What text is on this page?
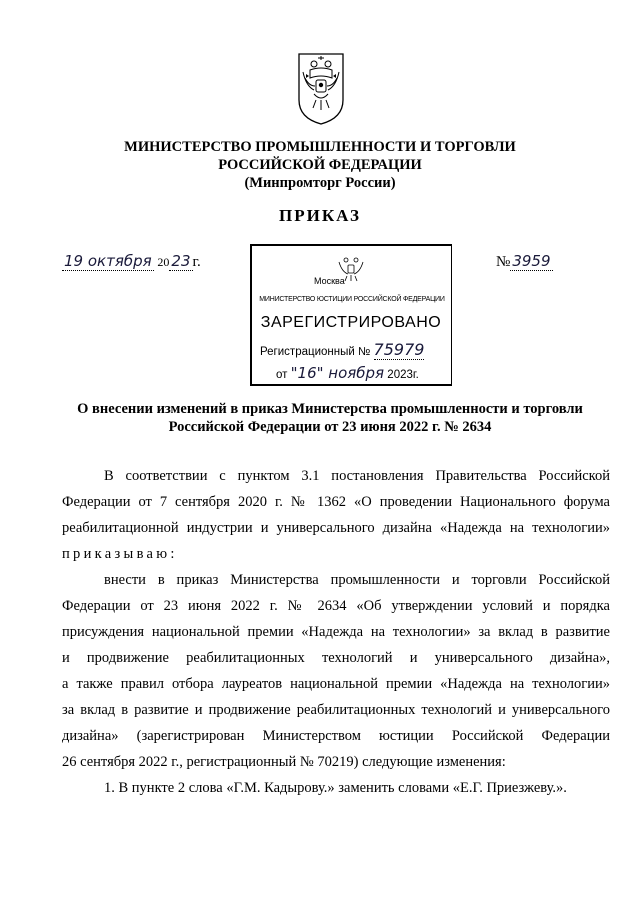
МИНИСТЕРСТВО ПРОМЫШЛЕННОСТИ И ТОРГОВЛИ
РОССИЙСКОЙ ФЕДЕРАЦИИ
(Минпромторг России)
ПРИКАЗ
19 октября 20 23 г.	№ 3959
Москва
МИНИСТЕРСТВО ЮСТИЦИИ РОССИЙСКОЙ ФЕДЕРАЦИИ
ЗАРЕГИСТРИРОВАНО
Регистрационный № 75979
от "16" ноября 2023г.
О внесении изменений в приказ Министерства промышленности и торговли
Российской Федерации от 23 июня 2022 г. № 2634
В соответствии с пунктом 3.1 постановления Правительства Российской
Федерации от 7 сентября 2020 г. № 1362 «О проведении Национального форума
реабилитационной индустрии и универсального дизайна «Надежда на технологии»
приказываю:
внести в приказ Министерства промышленности и торговли Российской
Федерации от 23 июня 2022 г. № 2634 «Об утверждении условий и порядка
присуждения национальной премии «Надежда на технологии» за вклад в развитие
и продвижение реабилитационных технологий и универсального дизайна»,
а также правил отбора лауреатов национальной премии «Надежда на технологии»
за вклад в развитие и продвижение реабилитационных технологий и универсального
дизайна» (зарегистрирован Министерством юстиции Российской Федерации
26 сентября 2022 г., регистрационный № 70219) следующие изменения:
1. В пункте 2 слова «Г.М. Кадырову.» заменить словами «Е.Г. Приезжеву.».
